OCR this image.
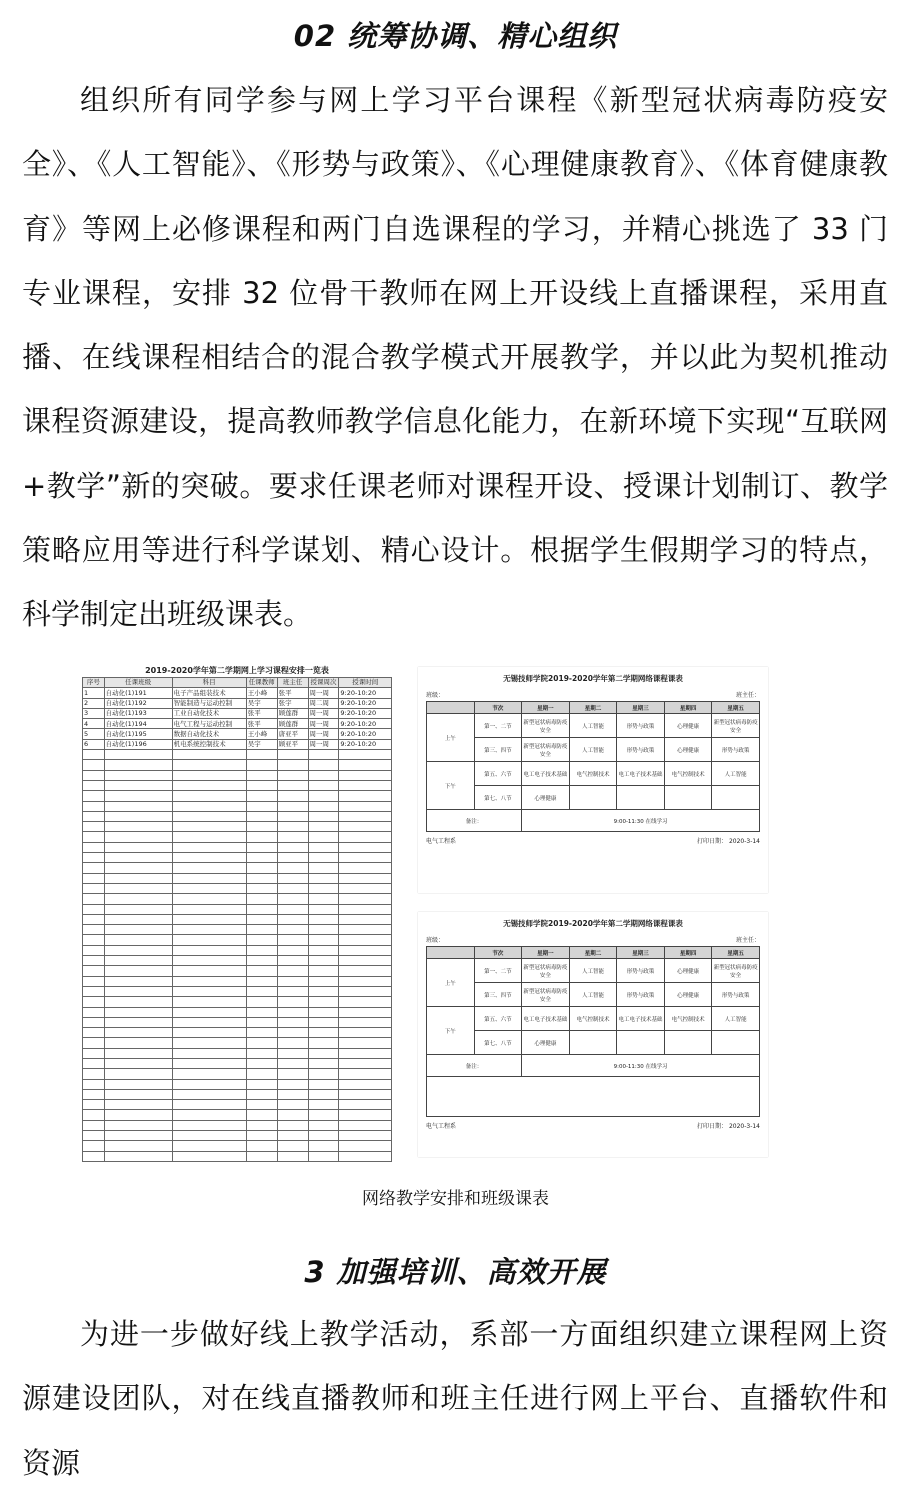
02 统筹协调、精心组织

组织所有同学参与网上学习平台课程《新型冠状病毒防疫安全》、《人工智能》、《形势与政策》、《心理健康教育》、《体育健康教育》等网上必修课程和两门自选课程的学习，并精心挑选了 33 门专业课程，安排 32 位骨干教师在网上开设线上直播课程，采用直播、在线课程相结合的混合教学模式开展教学，并以此为契机推动课程资源建设，提高教师教学信息化能力，在新环境下实现“互联网+教学”新的突破。要求任课老师对课程开设、授课计划制订、教学策略应用等进行科学谋划、精心设计。根据学生假期学习的特点，科学制定出班级课表。

2019-2020学年第二学期网上学习课程安排一览表
序号	任课班级	科目	任课教师	班主任	授课周次	授课时间
1	自动化(1)191	电子产品组装技术	王小峰	张平	周一周	9:20-10:20
2	自动化(1)192	智能制造与运动控制	吴宇	张宇	周二周	9:20-10:20
3	自动化(1)193	工业自动化技术	张平	顾莲群	周一周	9:20-10:20
4	自动化(1)194	电气工程与运动控制	张平	顾莲群	周一周	9:20-10:20
5	自动化(1)195	数据自动化技术	王小峰	唐亚平	周一周	9:20-10:20
6	自动化(1)196	机电系统控制技术	吴宇	顾亚平	周一周	9:20-10:20

无锡技师学院2019-2020学年第二学期网络课程课表
班级：	班主任：
	节次	星期一	星期二	星期三	星期四	星期五
上午	第一、二节	新型冠状病毒防疫安全	人工智能	形势与政策	心理健康	新型冠状病毒防疫安全
	第三、四节	新型冠状病毒防疫安全	人工智能	形势与政策	心理健康	形势与政策
下午	第五、六节	电工电子技术基础	电气控制技术	电工电子技术基础	电气控制技术	人工智能
	第七、八节	心理健康				
备注：		9:00-11:30 在线学习				
电气工程系	打印日期： 2020-3-14
无锡技师学院2019-2020学年第二学期网络课程课表
班级：	班主任：
	节次	星期一	星期二	星期三	星期四	星期五
上午	第一、二节	新型冠状病毒防疫安全	人工智能	形势与政策	心理健康	新型冠状病毒防疫安全
	第三、四节	新型冠状病毒防疫安全	人工智能	形势与政策	心理健康	形势与政策
下午	第五、六节	电工电子技术基础	电气控制技术	电工电子技术基础	电气控制技术	人工智能
	第七、八节	心理健康				
备注：		9:00-11:30 在线学习				

电气工程系	打印日期： 2020-3-14
网络教学安排和班级课表
3 加强培训、高效开展

为进一步做好线上教学活动，系部一方面组织建立课程网上资源建设团队，对在线直播教师和班主任进行网上平台、直播软件和资源
